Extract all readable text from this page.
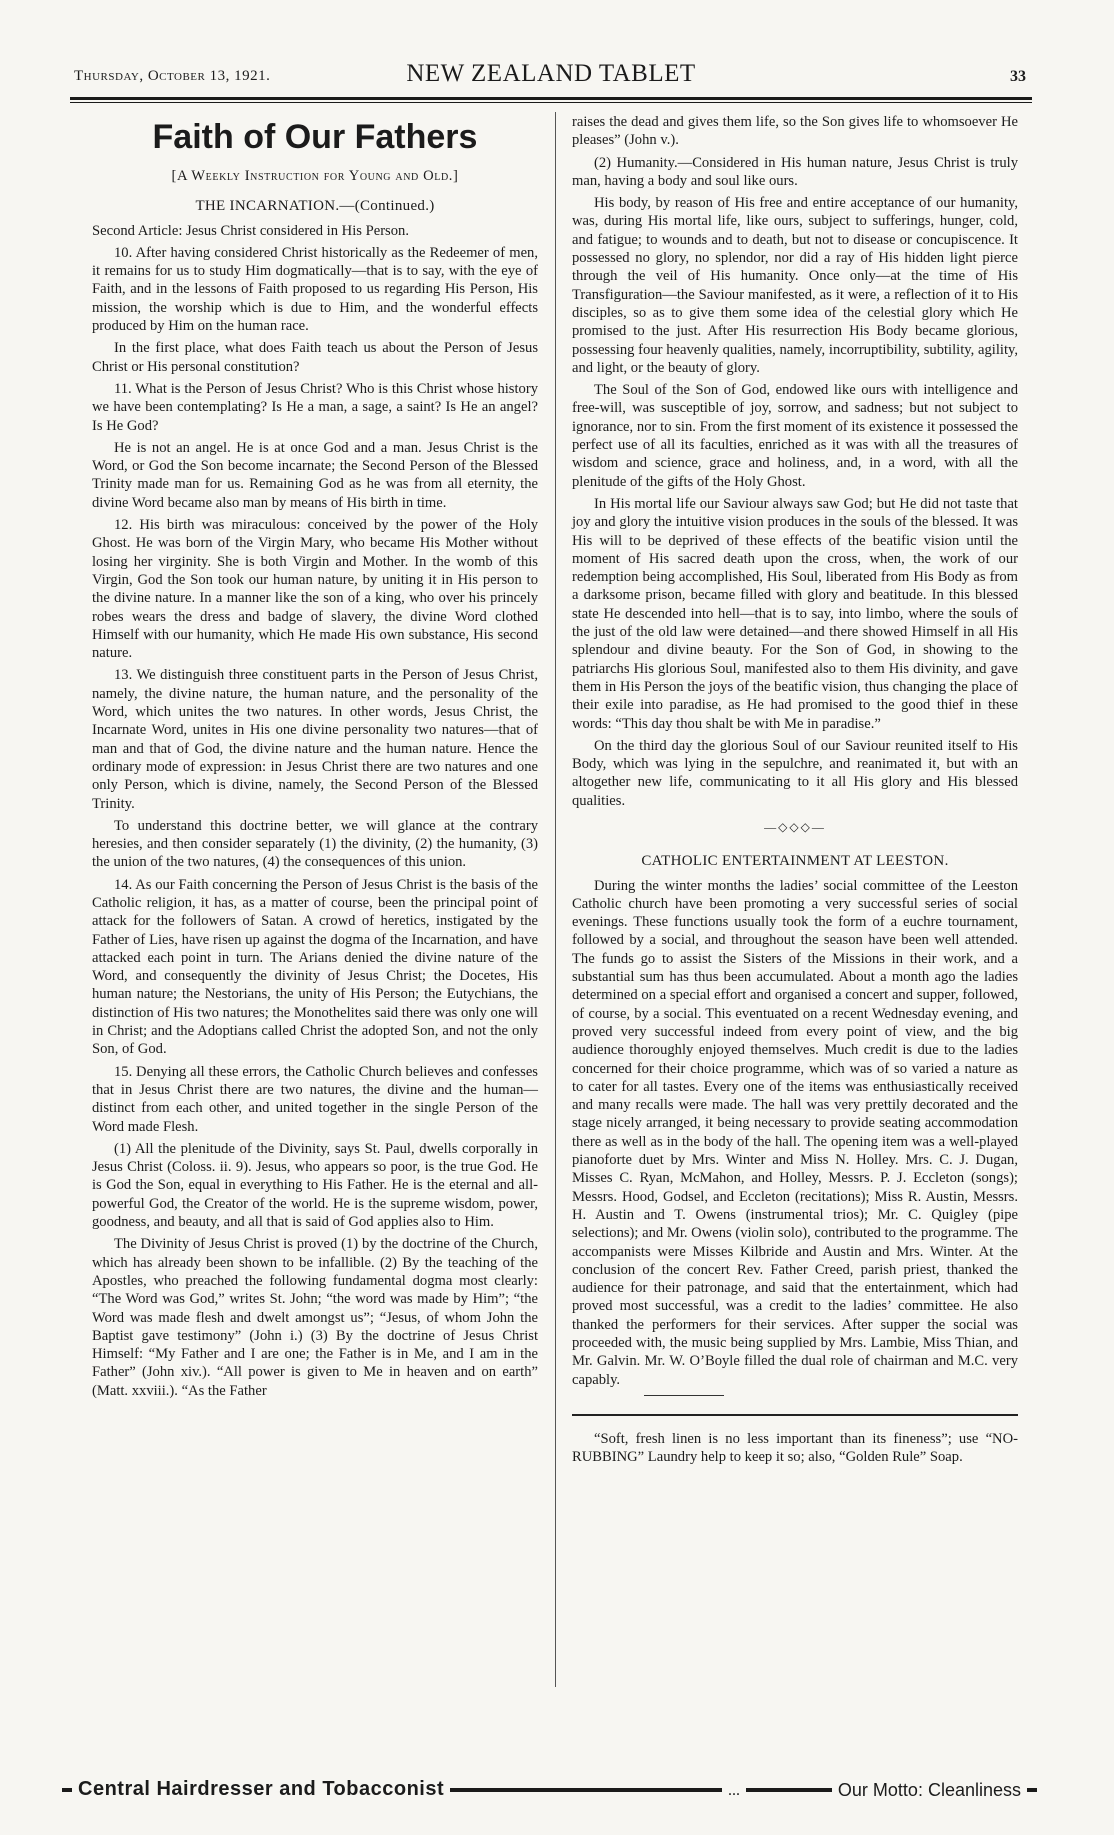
Thursday, October 13, 1921.	NEW ZEALAND TABLET	33
Faith of Our Fathers
[A Weekly Instruction for Young and Old.]
THE INCARNATION.—(Continued.)

Second Article: Jesus Christ considered in His Person.

10. After having considered Christ historically as the Redeemer of men, it remains for us to study Him dogmatically—that is to say, with the eye of Faith, and in the lessons of Faith proposed to us regarding His Person, His mission, the worship which is due to Him, and the wonderful effects produced by Him on the human race.

In the first place, what does Faith teach us about the Person of Jesus Christ or His personal constitution?

11. What is the Person of Jesus Christ? Who is this Christ whose history we have been contemplating? Is He a man, a sage, a saint? Is He an angel? Is He God?

He is not an angel. He is at once God and a man. Jesus Christ is the Word, or God the Son become incarnate; the Second Person of the Blessed Trinity made man for us. Remaining God as he was from all eternity, the divine Word became also man by means of His birth in time.

12. His birth was miraculous: conceived by the power of the Holy Ghost. He was born of the Virgin Mary, who became His Mother without losing her virginity. She is both Virgin and Mother. In the womb of this Virgin, God the Son took our human nature, by uniting it in His person to the divine nature. In a manner like the son of a king, who over his princely robes wears the dress and badge of slavery, the divine Word clothed Himself with our humanity, which He made His own substance, His second nature.

13. We distinguish three constituent parts in the Person of Jesus Christ, namely, the divine nature, the human nature, and the personality of the Word, which unites the two natures. In other words, Jesus Christ, the Incarnate Word, unites in His one divine personality two natures—that of man and that of God, the divine nature and the human nature. Hence the ordinary mode of expression: in Jesus Christ there are two natures and one only Person, which is divine, namely, the Second Person of the Blessed Trinity.

To understand this doctrine better, we will glance at the contrary heresies, and then consider separately (1) the divinity, (2) the humanity, (3) the union of the two natures, (4) the consequences of this union.

14. As our Faith concerning the Person of Jesus Christ is the basis of the Catholic religion, it has, as a matter of course, been the principal point of attack for the followers of Satan. A crowd of heretics, instigated by the Father of Lies, have risen up against the dogma of the Incarnation, and have attacked each point in turn. The Arians denied the divine nature of the Word, and consequently the divinity of Jesus Christ; the Docetes, His human nature; the Nestorians, the unity of His Person; the Eutychians, the distinction of His two natures; the Monothelites said there was only one will in Christ; and the Adoptians called Christ the adopted Son, and not the only Son, of God.

15. Denying all these errors, the Catholic Church believes and confesses that in Jesus Christ there are two natures, the divine and the human—distinct from each other, and united together in the single Person of the Word made Flesh.

(1) All the plenitude of the Divinity, says St. Paul, dwells corporally in Jesus Christ (Coloss. ii. 9). Jesus, who appears so poor, is the true God. He is God the Son, equal in everything to His Father. He is the eternal and all-powerful God, the Creator of the world. He is the supreme wisdom, power, goodness, and beauty, and all that is said of God applies also to Him.

The Divinity of Jesus Christ is proved (1) by the doctrine of the Church, which has already been shown to be infallible. (2) By the teaching of the Apostles, who preached the following fundamental dogma most clearly: “The Word was God,” writes St. John; “the word was made by Him”; “the Word was made flesh and dwelt amongst us”; “Jesus, of whom John the Baptist gave testimony” (John i.) (3) By the doctrine of Jesus Christ Himself: “My Father and I are one; the Father is in Me, and I am in the Father” (John xiv.). “All power is given to Me in heaven and on earth” (Matt. xxviii.). “As the Father

raises the dead and gives them life, so the Son gives life to whomsoever He pleases” (John v.).

(2) Humanity.—Considered in His human nature, Jesus Christ is truly man, having a body and soul like ours.

His body, by reason of His free and entire acceptance of our humanity, was, during His mortal life, like ours, subject to sufferings, hunger, cold, and fatigue; to wounds and to death, but not to disease or concupiscence. It possessed no glory, no splendor, nor did a ray of His hidden light pierce through the veil of His humanity. Once only—at the time of His Transfiguration—the Saviour manifested, as it were, a reflection of it to His disciples, so as to give them some idea of the celestial glory which He promised to the just. After His resurrection His Body became glorious, possessing four heavenly qualities, namely, incorruptibility, subtility, agility, and light, or the beauty of glory.

The Soul of the Son of God, endowed like ours with intelligence and free-will, was susceptible of joy, sorrow, and sadness; but not subject to ignorance, nor to sin. From the first moment of its existence it possessed the perfect use of all its faculties, enriched as it was with all the treasures of wisdom and science, grace and holiness, and, in a word, with all the plenitude of the gifts of the Holy Ghost.

In His mortal life our Saviour always saw God; but He did not taste that joy and glory the intuitive vision produces in the souls of the blessed. It was His will to be deprived of these effects of the beatific vision until the moment of His sacred death upon the cross, when, the work of our redemption being accomplished, His Soul, liberated from His Body as from a darksome prison, became filled with glory and beatitude. In this blessed state He descended into hell—that is to say, into limbo, where the souls of the just of the old law were detained—and there showed Himself in all His splendour and divine beauty. For the Son of God, in showing to the patriarchs His glorious Soul, manifested also to them His divinity, and gave them in His Person the joys of the beatific vision, thus changing the place of their exile into paradise, as He had promised to the good thief in these words: “This day thou shalt be with Me in paradise.”

On the third day the glorious Soul of our Saviour reunited itself to His Body, which was lying in the sepulchre, and reanimated it, but with an altogether new life, communicating to it all His glory and His blessed qualities.

—◇◇◇—
CATHOLIC ENTERTAINMENT AT LEESTON.

During the winter months the ladies’ social committee of the Leeston Catholic church have been promoting a very successful series of social evenings. These functions usually took the form of a euchre tournament, followed by a social, and throughout the season have been well attended. The funds go to assist the Sisters of the Missions in their work, and a substantial sum has thus been accumulated. About a month ago the ladies determined on a special effort and organised a concert and supper, followed, of course, by a social. This eventuated on a recent Wednesday evening, and proved very successful indeed from every point of view, and the big audience thoroughly enjoyed themselves. Much credit is due to the ladies concerned for their choice programme, which was of so varied a nature as to cater for all tastes. Every one of the items was enthusiastically received and many recalls were made. The hall was very prettily decorated and the stage nicely arranged, it being necessary to provide seating accommodation there as well as in the body of the hall. The opening item was a well-played pianoforte duet by Mrs. Winter and Miss N. Holley. Mrs. C. J. Dugan, Misses C. Ryan, McMahon, and Holley, Messrs. P. J. Eccleton (songs); Messrs. Hood, Godsel, and Eccleton (recitations); Miss R. Austin, Messrs. H. Austin and T. Owens (instrumental trios); Mr. C. Quigley (pipe selections); and Mr. Owens (violin solo), contributed to the programme. The accompanists were Misses Kilbride and Austin and Mrs. Winter. At the conclusion of the concert Rev. Father Creed, parish priest, thanked the audience for their patronage, and said that the entertainment, which had proved most successful, was a credit to the ladies’ committee. He also thanked the performers for their services. After supper the social was proceeded with, the music being supplied by Mrs. Lambie, Miss Thian, and Mr. Galvin. Mr. W. O’Boyle filled the dual role of chairman and M.C. very capably.

“Soft, fresh linen is no less important than its fineness”; use “NO-RUBBING” Laundry help to keep it so; also, “Golden Rule” Soap.

Central Hairdresser and Tobacconist	...	Our Motto: Cleanliness
